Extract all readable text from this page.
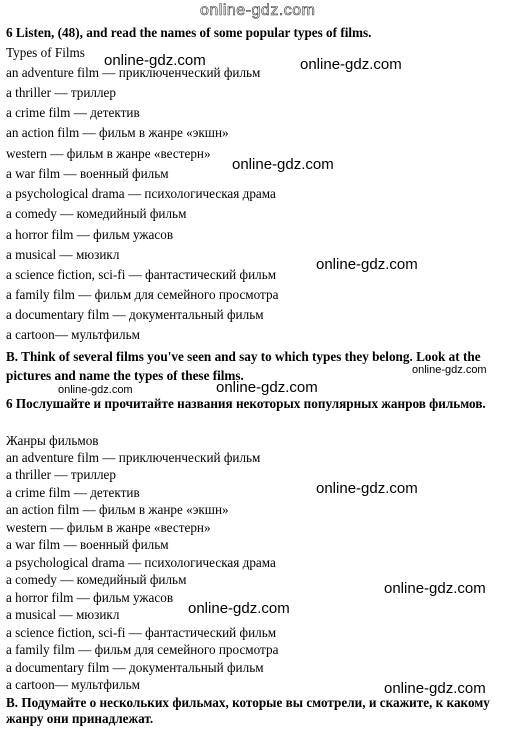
online-gdz.com
6 Listen, (48), and read the names of some popular types of films.
Types of Films
an adventure film — приключенческий фильм
a thriller — триллер
a crime film — детектив
an action film — фильм в жанре «экшн»
western — фильм в жанре «вестерн»
a war film — военный фильм
a psychological drama — психологическая драма
a comedy — комедийный фильм
a horror film — фильм ужасов
a musical — мюзикл
a science fiction, sci-fi — фантастический фильм
a family film — фильм для семейного просмотра
a documentary film — документальный фильм
a cartoon— мультфильм
B. Think of several films you've seen and say to which types they belong. Look at the pictures and name the types of these films.
6 Послушайте и прочитайте названия некоторых популярных жанров фильмов.
Жанры фильмов
an adventure film — приключенческий фильм
a thriller — триллер
a crime film — детектив
an action film — фильм в жанре «экшн»
western — фильм в жанре «вестерн»
a war film — военный фильм
a psychological drama — психологическая драма
a comedy — комедийный фильм
a horror film — фильм ужасов
a musical — мюзикл
a science fiction, sci-fi — фантастический фильм
a family film — фильм для семейного просмотра
a documentary film — документальный фильм
a cartoon— мультфильм
В. Подумайте о нескольких фильмах, которые вы смотрели, и скажите, к какому жанру они принадлежат.
online-gdz.com	online-gdz.com
online-gdz.com
online-gdz.com
online-gdz.com
online-gdz.com	online-gdz.com
online-gdz.com
online-gdz.com
online-gdz.com
online-gdz.com
